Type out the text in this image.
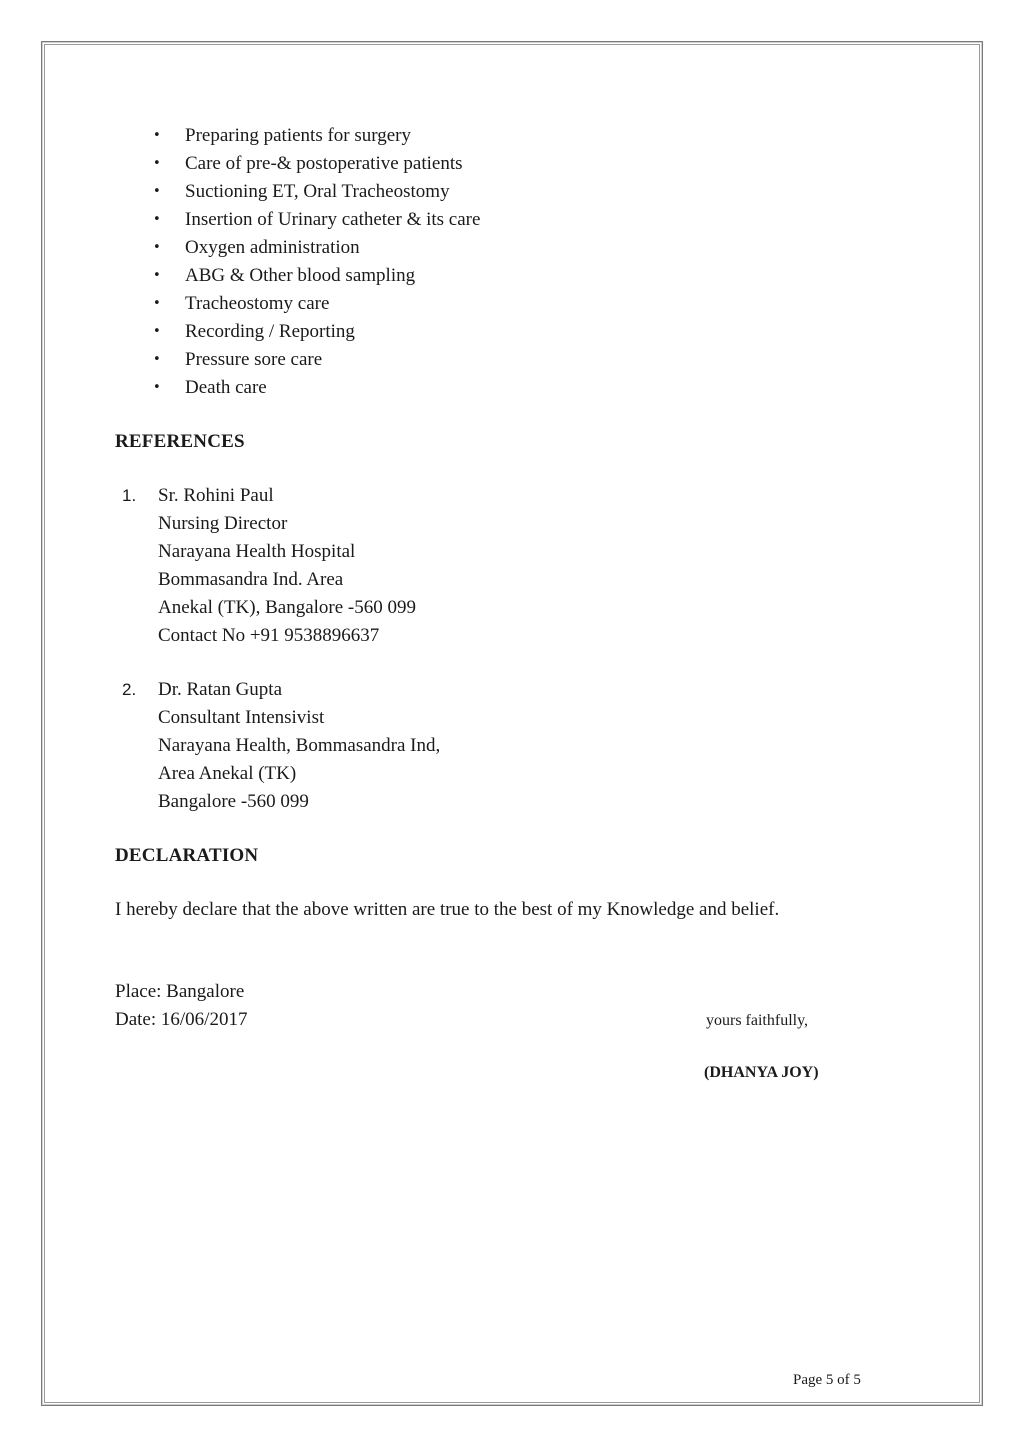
•	Preparing patients for surgery
•	Care of pre-& postoperative patients
•	Suctioning ET, Oral Tracheostomy
•	Insertion of Urinary catheter & its care
•	Oxygen administration
•	ABG & Other blood sampling
•	Tracheostomy care
•	Recording / Reporting
•	Pressure sore care
•	Death care
REFERENCES
1.	Sr. Rohini Paul
Nursing Director
Narayana Health Hospital
Bommasandra Ind. Area
Anekal (TK), Bangalore -560 099
Contact No +91 9538896637
2.	Dr. Ratan Gupta
Consultant Intensivist
Narayana Health, Bommasandra Ind,
Area Anekal (TK)
Bangalore -560 099
DECLARATION
I hereby declare that the above written are true to the best of my Knowledge and belief.
Place: Bangalore
Date: 16/06/2017	yours faithfully,
(DHANYA JOY)
Page 5 of 5
